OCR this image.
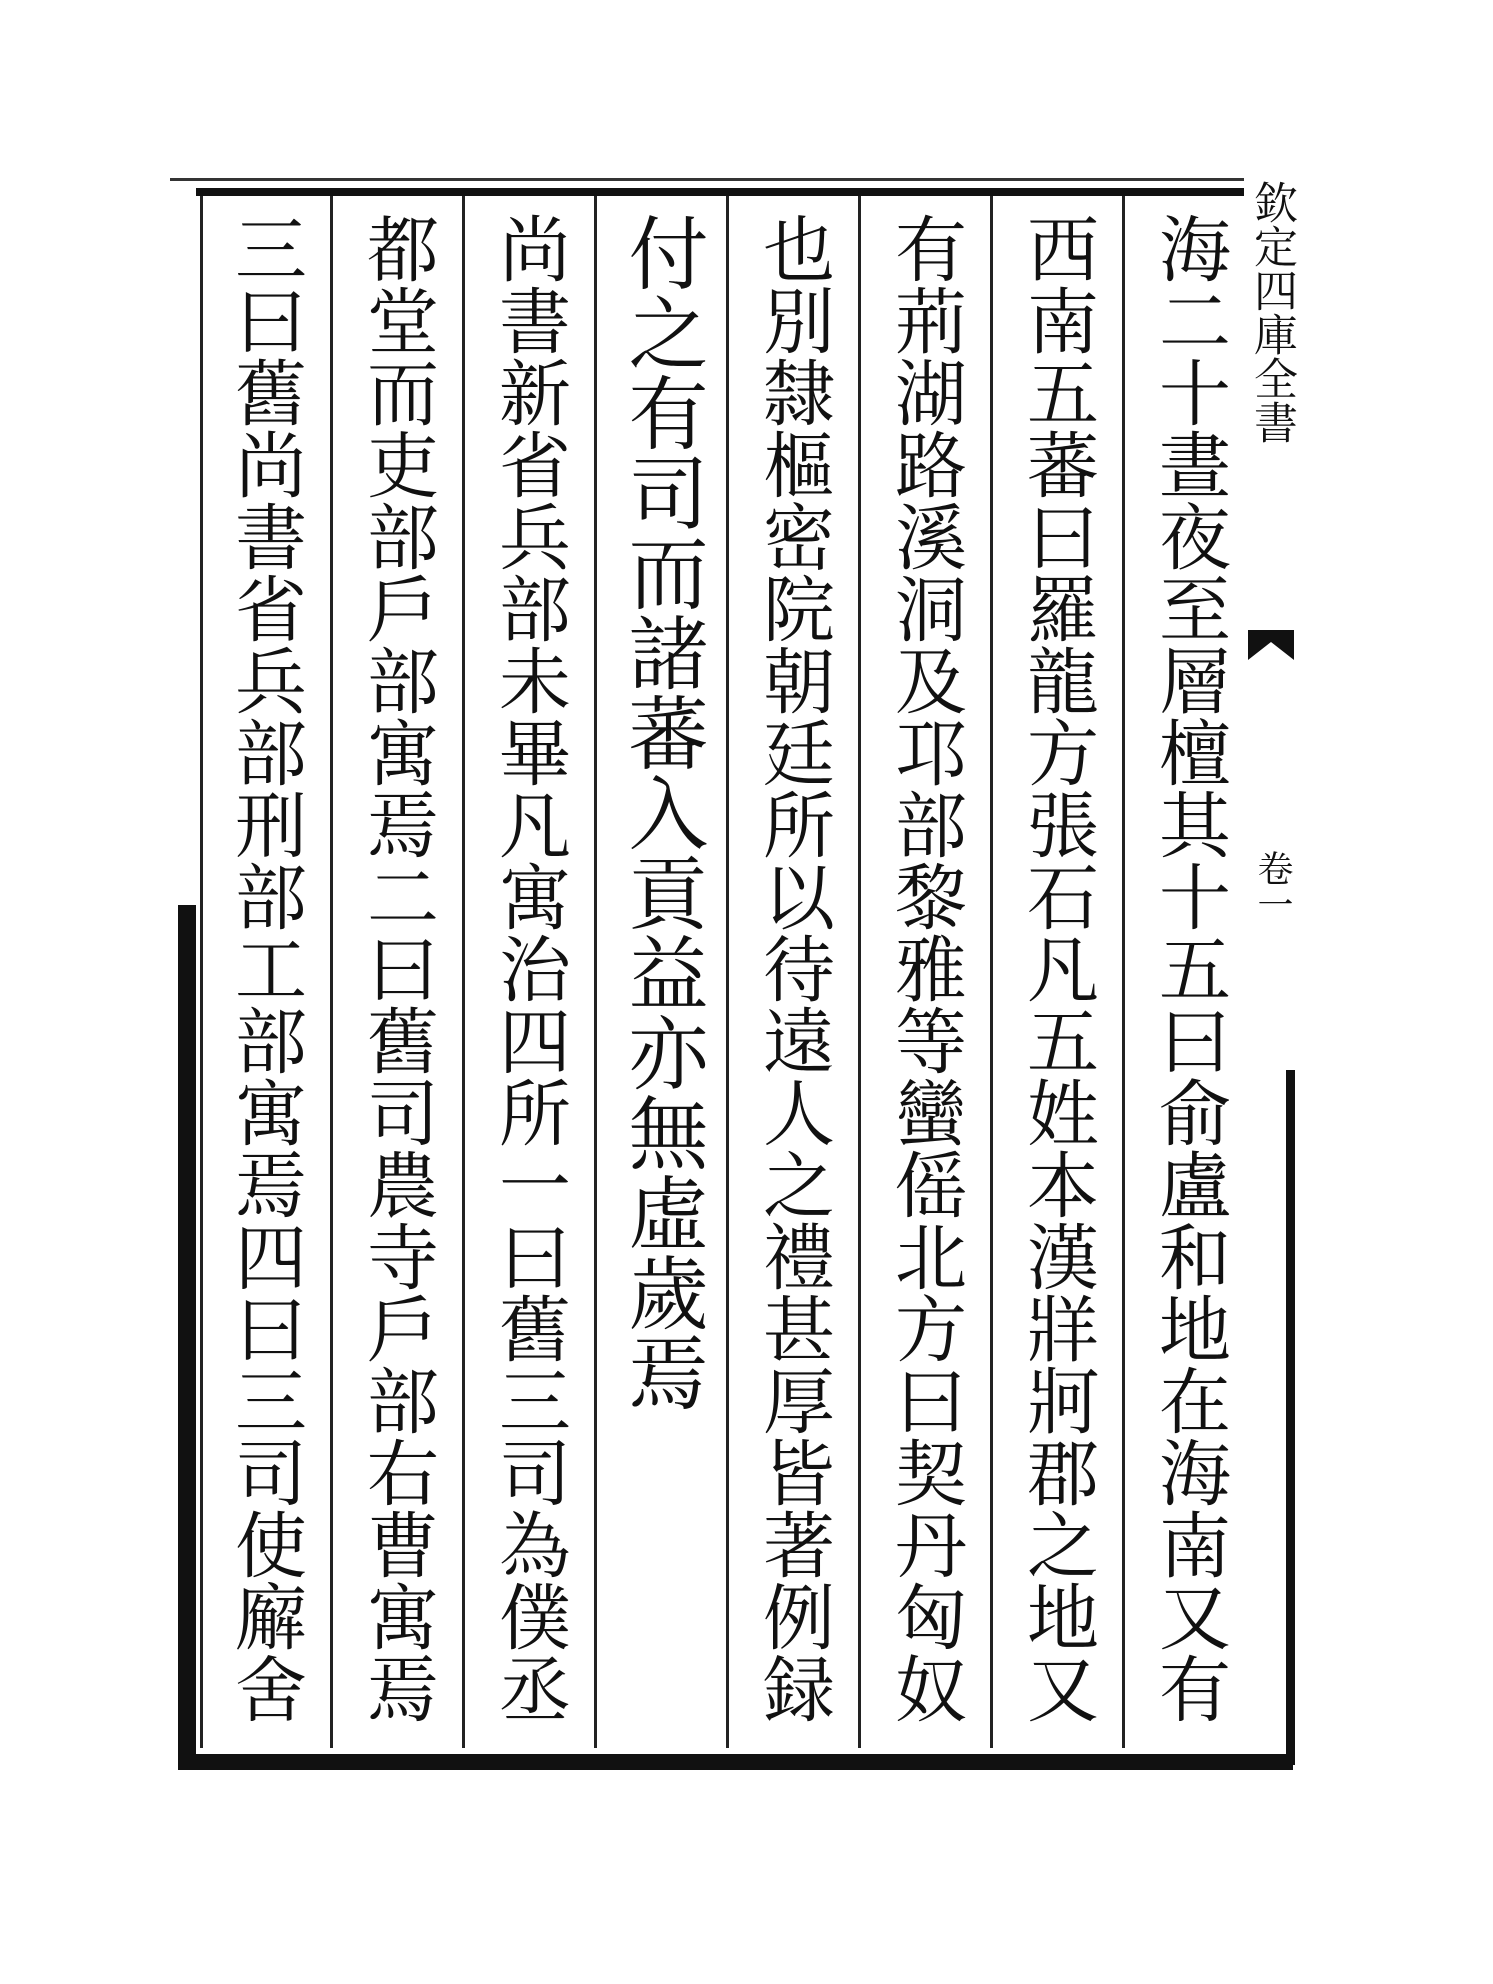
海二十晝夜至層檀其十五曰俞盧和地在海南又有
西南五蕃曰羅龍方張石凡五姓本漢牂牁郡之地又
有荊湖路溪洞及邛部黎雅等蠻傜北方曰契丹匈奴
也別隸樞密院朝廷所以待遠人之禮甚厚皆著例録
付之有司而諸蕃入貢益亦無虛歲焉
尚書新省兵部未畢凡寓治四所一曰舊三司為僕丞
都堂而吏部戶部寓焉二曰舊司農寺戶部右曹寓焉
三曰舊尚書省兵部刑部工部寓焉四曰三司使廨舍	欽定四庫全書
卷一
